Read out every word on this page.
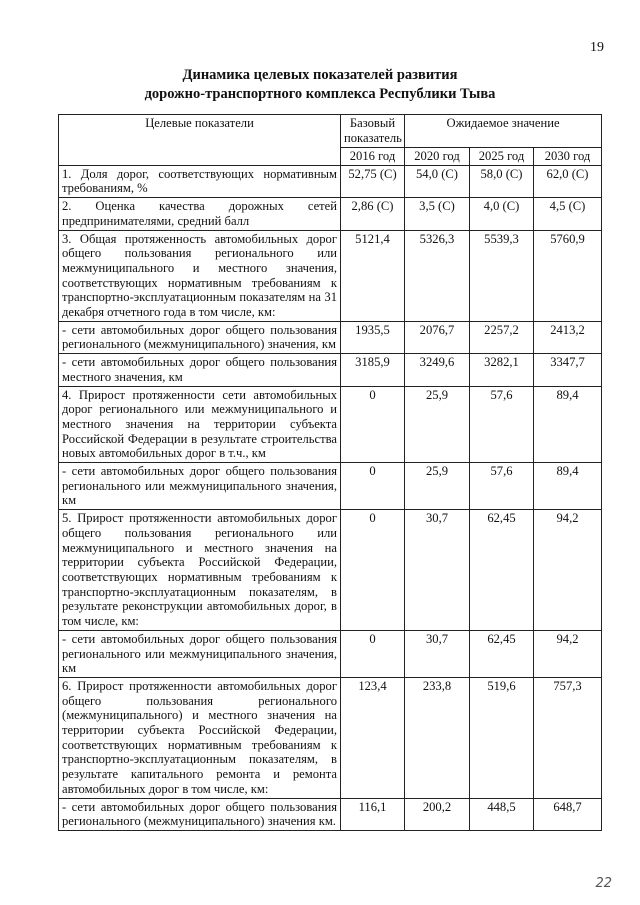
19
Динамика целевых показателей развития
дорожно-транспортного комплекса Республики Тыва
Целевые показатели	Базовый показатель	Ожидаемое значение		
	2016 год	2020 год	2025 год	2030 год
1. Доля дорог, соответствующих нормативным требованиям, %	52,75 (С)	54,0 (С)	58,0 (С)	62,0 (С)
2. Оценка качества дорожных сетей предпринимателями, средний балл	2,86 (С)	3,5 (С)	4,0 (С)	4,5 (С)
3. Общая протяженность автомобильных дорог общего пользования регионального или межмуниципального и местного значения, соответствующих нормативным требованиям к транспортно-эксплуатационным показателям на 31 декабря отчетного года в том числе, км:	5121,4	5326,3	5539,3	5760,9
- сети автомобильных дорог общего пользования регионального (межмуниципального) значения, км	1935,5	2076,7	2257,2	2413,2
- сети автомобильных дорог общего пользования местного значения, км	3185,9	3249,6	3282,1	3347,7
4. Прирост протяженности сети автомобильных дорог регионального или межмуниципального и местного значения на территории субъекта Российской Федерации в результате строительства новых автомобильных дорог в т.ч., км	0	25,9	57,6	89,4
- сети автомобильных дорог общего пользования регионального или межмуниципального значения, км	0	25,9	57,6	89,4
5. Прирост протяженности автомобильных дорог общего пользования регионального или межмуниципального и местного значения на территории субъекта Российской Федерации, соответствующих нормативным требованиям к транспортно-эксплуатационным показателям, в результате реконструкции автомобильных дорог, в том числе, км:	0	30,7	62,45	94,2
- сети автомобильных дорог общего пользования регионального или межмуниципального значения, км	0	30,7	62,45	94,2
6. Прирост протяженности автомобильных дорог общего пользования регионального (межмуниципального) и местного значения на территории субъекта Российской Федерации, соответствующих нормативным требованиям к транспортно-эксплуатационным показателям, в результате капитального ремонта и ремонта автомобильных дорог в том числе, км:	123,4	233,8	519,6	757,3
- сети автомобильных дорог общего пользования регионального (межмуниципального) значения км.	116,1	200,2	448,5	648,7
22
